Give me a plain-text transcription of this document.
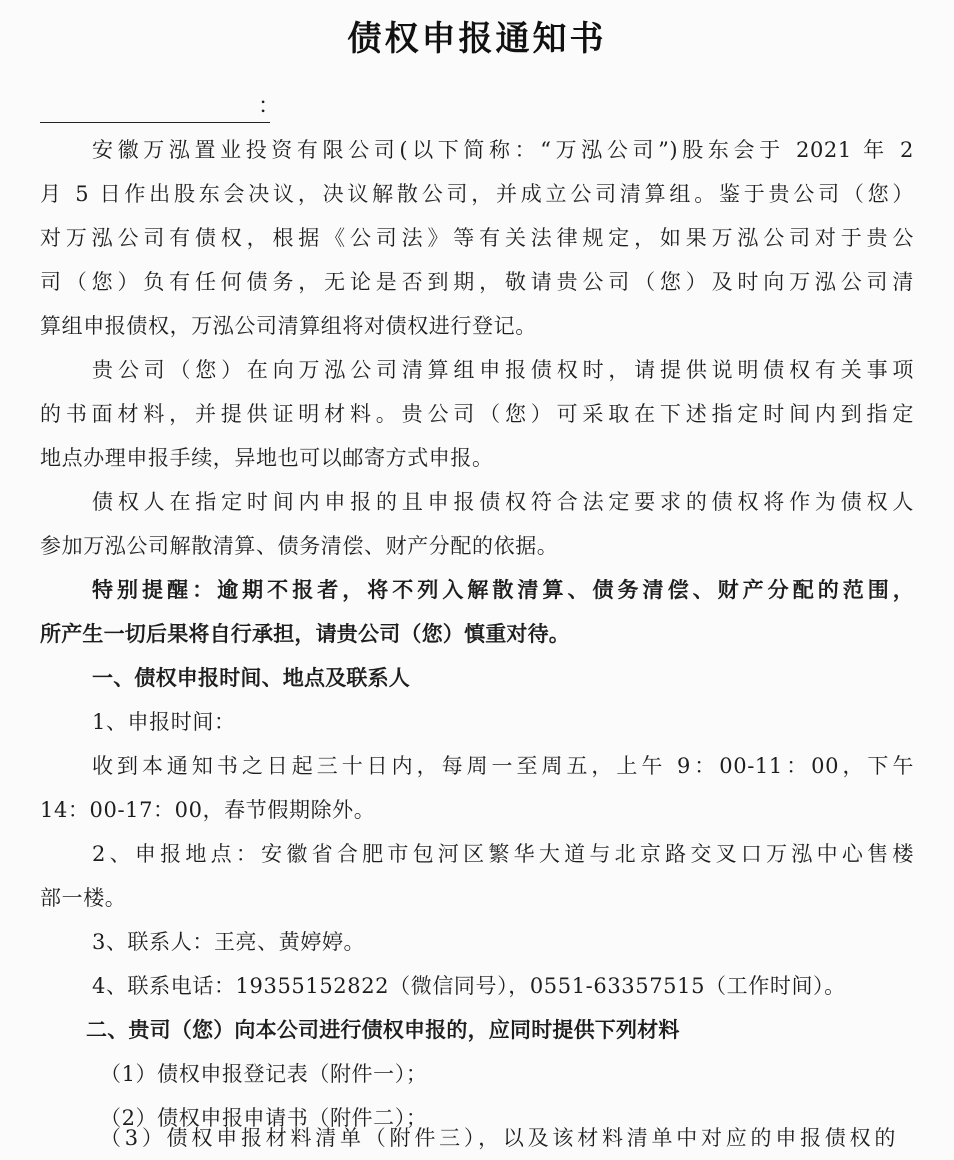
债权申报通知书
：
安徽万泓置业投资有限公司(以下简称：“万泓公司”)股东会于 2021 年 2
月 5 日作出股东会决议，决议解散公司，并成立公司清算组。鉴于贵公司（您）
对万泓公司有债权，根据《公司法》等有关法律规定，如果万泓公司对于贵公
司（您）负有任何债务，无论是否到期，敬请贵公司（您）及时向万泓公司清
算组申报债权，万泓公司清算组将对债权进行登记。
贵公司（您）在向万泓公司清算组申报债权时，请提供说明债权有关事项
的书面材料，并提供证明材料。贵公司（您）可采取在下述指定时间内到指定
地点办理申报手续，异地也可以邮寄方式申报。
债权人在指定时间内申报的且申报债权符合法定要求的债权将作为债权人
参加万泓公司解散清算、债务清偿、财产分配的依据。
特别提醒：逾期不报者，将不列入解散清算、债务清偿、财产分配的范围，
所产生一切后果将自行承担，请贵公司（您）慎重对待。
一、债权申报时间、地点及联系人
1、申报时间：
收到本通知书之日起三十日内，每周一至周五，上午 9：00-11：00，下午
14：00-17：00，春节假期除外。
2、申报地点：安徽省合肥市包河区繁华大道与北京路交叉口万泓中心售楼
部一楼。
3、联系人：王亮、黄婷婷。
4、联系电话：19355152822（微信同号），0551-63357515（工作时间）。
二、贵司（您）向本公司进行债权申报的，应同时提供下列材料
（1）债权申报登记表（附件一）；
（2）债权申报申请书（附件二）；
（3）债权申报材料清单（附件三），以及该材料清单中对应的申报债权的
